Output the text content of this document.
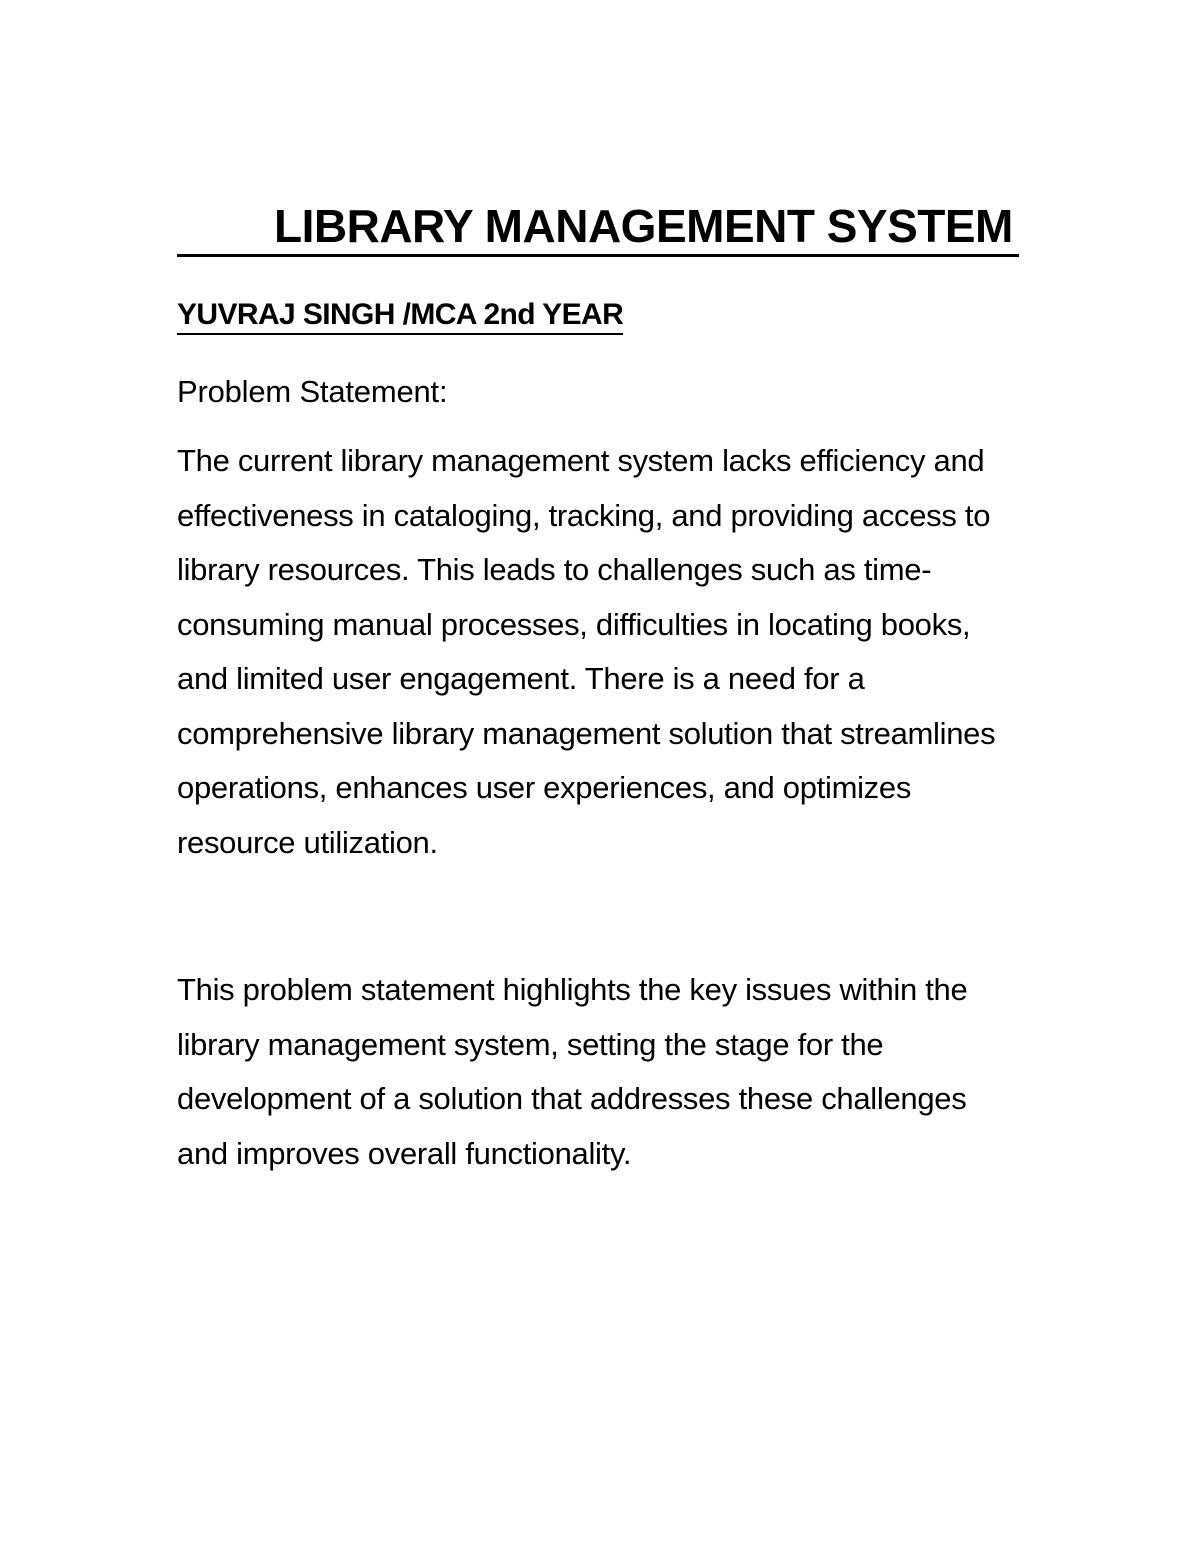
LIBRARY MANAGEMENT SYSTEM
YUVRAJ SINGH /MCA 2nd YEAR
Problem Statement:

The current library management system lacks efficiency and effectiveness in cataloging, tracking, and providing access to library resources. This leads to challenges such as time-consuming manual processes, difficulties in locating books, and limited user engagement. There is a need for a comprehensive library management solution that streamlines operations, enhances user experiences, and optimizes resource utilization.

This problem statement highlights the key issues within the library management system, setting the stage for the development of a solution that addresses these challenges and improves overall functionality.
